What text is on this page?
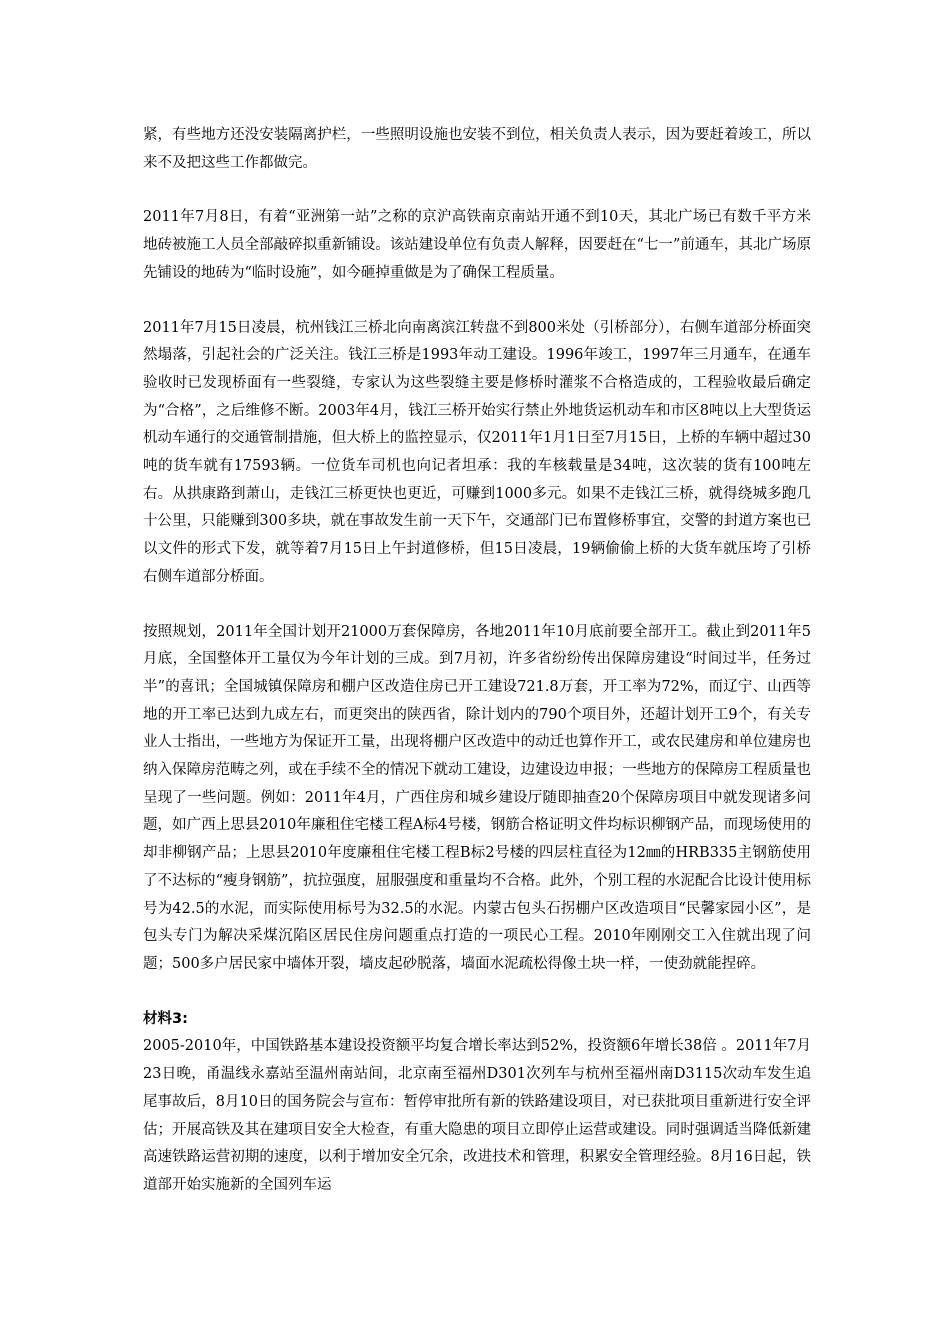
紧，有些地方还没安装隔离护栏，一些照明设施也安装不到位，相关负责人表示，因为要赶着竣工，所以来不及把这些工作都做完。

2011年7月8日，有着“亚洲第一站”之称的京沪高铁南京南站开通不到10天，其北广场已有数千平方米地砖被施工人员全部敲碎拟重新铺设。该站建设单位有负责人解释，因要赶在“七一”前通车，其北广场原先铺设的地砖为“临时设施”，如今砸掉重做是为了确保工程质量。

2011年7月15日凌晨，杭州钱江三桥北向南离滨江转盘不到800米处（引桥部分），右侧车道部分桥面突然塌落，引起社会的广泛关注。钱江三桥是1993年动工建设。1996年竣工，1997年三月通车，在通车验收时已发现桥面有一些裂缝，专家认为这些裂缝主要是修桥时灌浆不合格造成的，工程验收最后确定为“合格”，之后维修不断。2003年4月，钱江三桥开始实行禁止外地货运机动车和市区8吨以上大型货运机动车通行的交通管制措施，但大桥上的监控显示，仅2011年1月1日至7月15日，上桥的车辆中超过30吨的货车就有17593辆。一位货车司机也向记者坦承：我的车核载量是34吨，这次装的货有100吨左右。从拱康路到萧山，走钱江三桥更快也更近，可赚到1000多元。如果不走钱江三桥，就得绕城多跑几十公里，只能赚到300多块，就在事故发生前一天下午，交通部门已布置修桥事宜，交警的封道方案也已以文件的形式下发，就等着7月15日上午封道修桥，但15日凌晨，19辆偷偷上桥的大货车就压垮了引桥右侧车道部分桥面。

按照规划，2011年全国计划开21000万套保障房，各地2011年10月底前要全部开工。截止到2011年5月底，全国整体开工量仅为今年计划的三成。到7月初，许多省纷纷传出保障房建设“时间过半，任务过半”的喜讯；全国城镇保障房和棚户区改造住房已开工建设721.8万套，开工率为72%，而辽宁、山西等地的开工率已达到九成左右，而更突出的陕西省，除计划内的790个项目外，还超计划开工9个，有关专业人士指出，一些地方为保证开工量，出现将棚户区改造中的动迁也算作开工，或农民建房和单位建房也纳入保障房范畴之列，或在手续不全的情况下就动工建设，边建设边申报；一些地方的保障房工程质量也呈现了一些问题。例如：2011年4月，广西住房和城乡建设厅随即抽查20个保障房项目中就发现诸多问题，如广西上思县2010年廉租住宅楼工程A标4号楼，钢筋合格证明文件均标识柳钢产品，而现场使用的却非柳钢产品；上思县2010年度廉租住宅楼工程B标2号楼的四层柱直径为12㎜的HRB335主钢筋使用了不达标的“瘦身钢筋”，抗拉强度，屈服强度和重量均不合格。此外，个别工程的水泥配合比设计使用标号为42.5的水泥，而实际使用标号为32.5的水泥。内蒙古包头石拐棚户区改造项目“民馨家园小区”，是包头专门为解决采煤沉陷区居民住房问题重点打造的一项民心工程。2010年刚刚交工入住就出现了问题；500多户居民家中墙体开裂，墙皮起砂脱落，墙面水泥疏松得像土块一样，一使劲就能捏碎。

材料3:

2005-2010年，中国铁路基本建设投资额平均复合增长率达到52%，投资额6年增长38倍 。2011年7月23日晚，甬温线永嘉站至温州南站间，北京南至福州D301次列车与杭州至福州南D3115次动车发生追尾事故后，8月10日的国务院会与宣布：暂停审批所有新的铁路建设项目，对已获批项目重新进行安全评估；开展高铁及其在建项目安全大检查，有重大隐患的项目立即停止运营或建设。同时强调适当降低新建高速铁路运营初期的速度，以利于增加安全冗余，改进技术和管理，积累安全管理经验。8月16日起，铁道部开始实施新的全国列车运
